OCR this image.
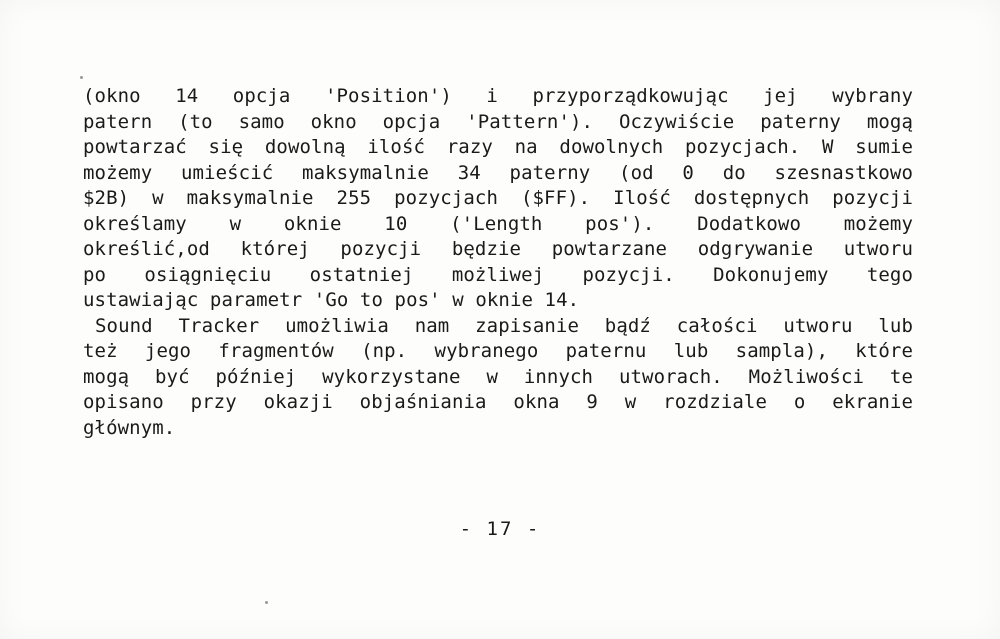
(okno 14 opcja 'Position') i przyporządkowując jej wybrany
patern (to samo okno opcja 'Pattern'). Oczywiście paterny mogą
powtarzać się dowolną ilość razy na dowolnych pozycjach. W sumie
możemy umieścić maksymalnie 34 paterny (od 0 do szesnastkowo
$2B) w maksymalnie 255 pozycjach ($FF). Ilość dostępnych pozycji
określamy w oknie 10 ('Length pos'). Dodatkowo możemy
określić,od której pozycji będzie powtarzane odgrywanie utworu
po osiągnięciu ostatniej możliwej pozycji. Dokonujemy tego
ustawiając parametr 'Go to pos' w oknie 14.
Sound Tracker umożliwia nam zapisanie bądź całości utworu lub
też jego fragmentów (np. wybranego paternu lub sampla), które
mogą być później wykorzystane w innych utworach. Możliwości te
opisano przy okazji objaśniania okna 9 w rozdziale o ekranie
głównym.
- 17 -
